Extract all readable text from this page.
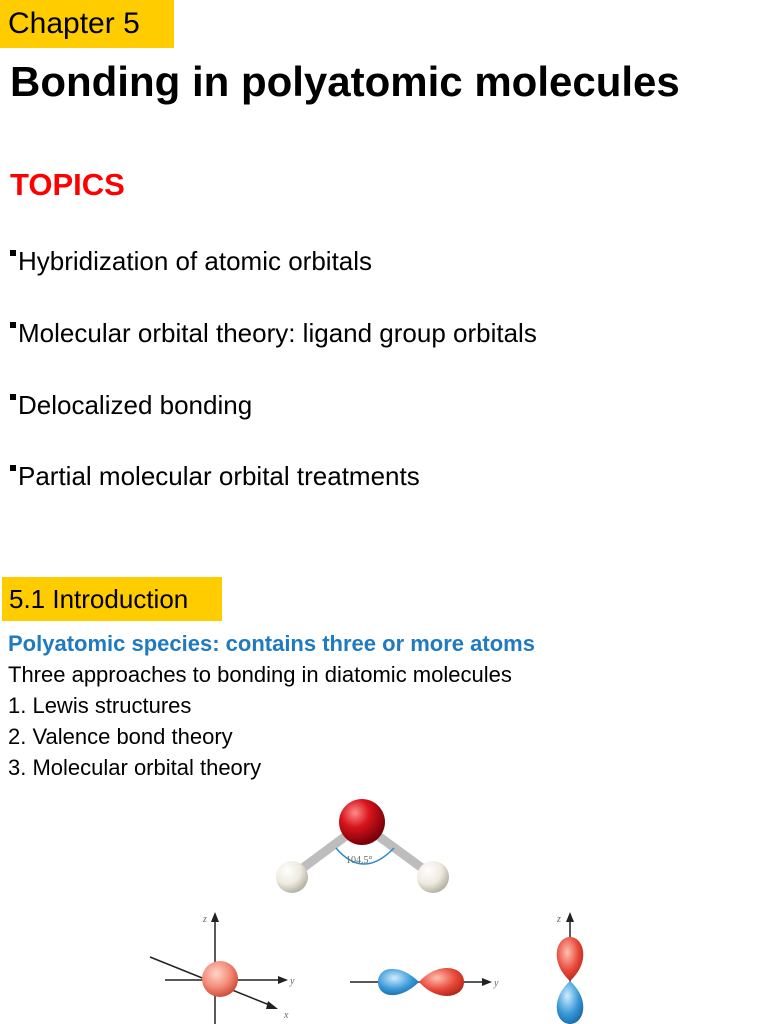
Chapter 5
Bonding in polyatomic molecules
TOPICS
Hybridization of atomic orbitals
Molecular orbital theory: ligand group orbitals
Delocalized bonding
Partial molecular orbital treatments
5.1 Introduction
Polyatomic species: contains three or more atoms
Three approaches to bonding in diatomic molecules
1. Lewis structures
2. Valence bond theory
3. Molecular orbital theory
104.5°
z
y
x
y
z
